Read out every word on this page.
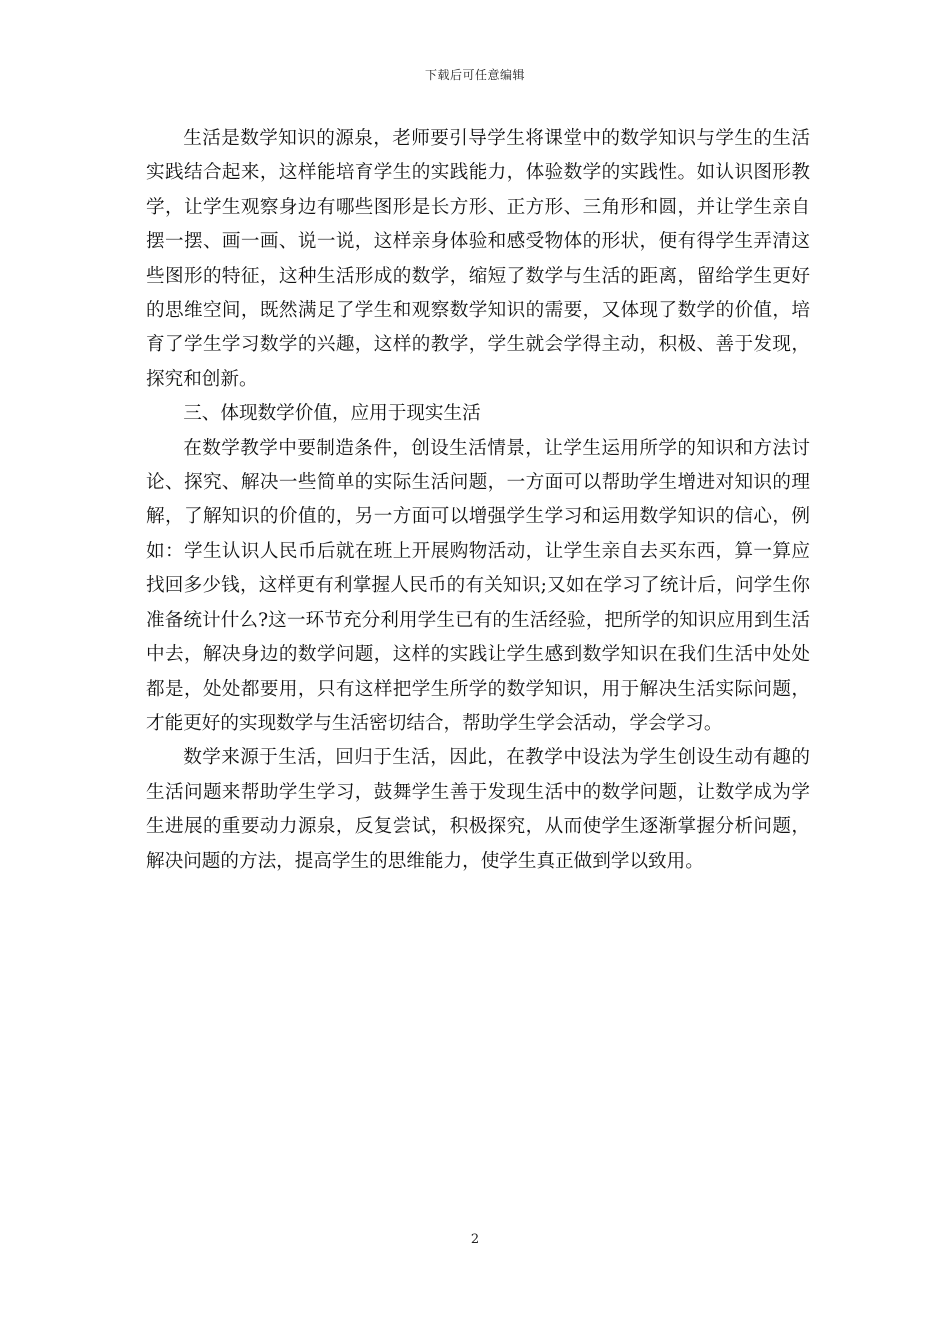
下载后可任意编辑

生活是数学知识的源泉，老师要引导学生将课堂中的数学知识与学生的生活实践结合起来，这样能培育学生的实践能力，体验数学的实践性。如认识图形教学，让学生观察身边有哪些图形是长方形、正方形、三角形和圆，并让学生亲自摆一摆、画一画、说一说，这样亲身体验和感受物体的形状，便有得学生弄清这些图形的特征，这种生活形成的数学，缩短了数学与生活的距离，留给学生更好的思维空间，既然满足了学生和观察数学知识的需要，又体现了数学的价值，培育了学生学习数学的兴趣，这样的教学，学生就会学得主动，积极、善于发现，探究和创新。

三、体现数学价值，应用于现实生活

在数学教学中要制造条件，创设生活情景，让学生运用所学的知识和方法讨论、探究、解决一些简单的实际生活问题，一方面可以帮助学生增进对知识的理解，了解知识的价值的，另一方面可以增强学生学习和运用数学知识的信心，例如：学生认识人民币后就在班上开展购物活动，让学生亲自去买东西，算一算应找回多少钱，这样更有利掌握人民币的有关知识;又如在学习了统计后，问学生你准备统计什么?这一环节充分利用学生已有的生活经验，把所学的知识应用到生活中去，解决身边的数学问题，这样的实践让学生感到数学知识在我们生活中处处都是，处处都要用，只有这样把学生所学的数学知识，用于解决生活实际问题，才能更好的实现数学与生活密切结合，帮助学生学会活动，学会学习。

数学来源于生活，回归于生活，因此，在教学中设法为学生创设生动有趣的生活问题来帮助学生学习，鼓舞学生善于发现生活中的数学问题，让数学成为学生进展的重要动力源泉，反复尝试，积极探究，从而使学生逐渐掌握分析问题，解决问题的方法，提高学生的思维能力，使学生真正做到学以致用。

2
